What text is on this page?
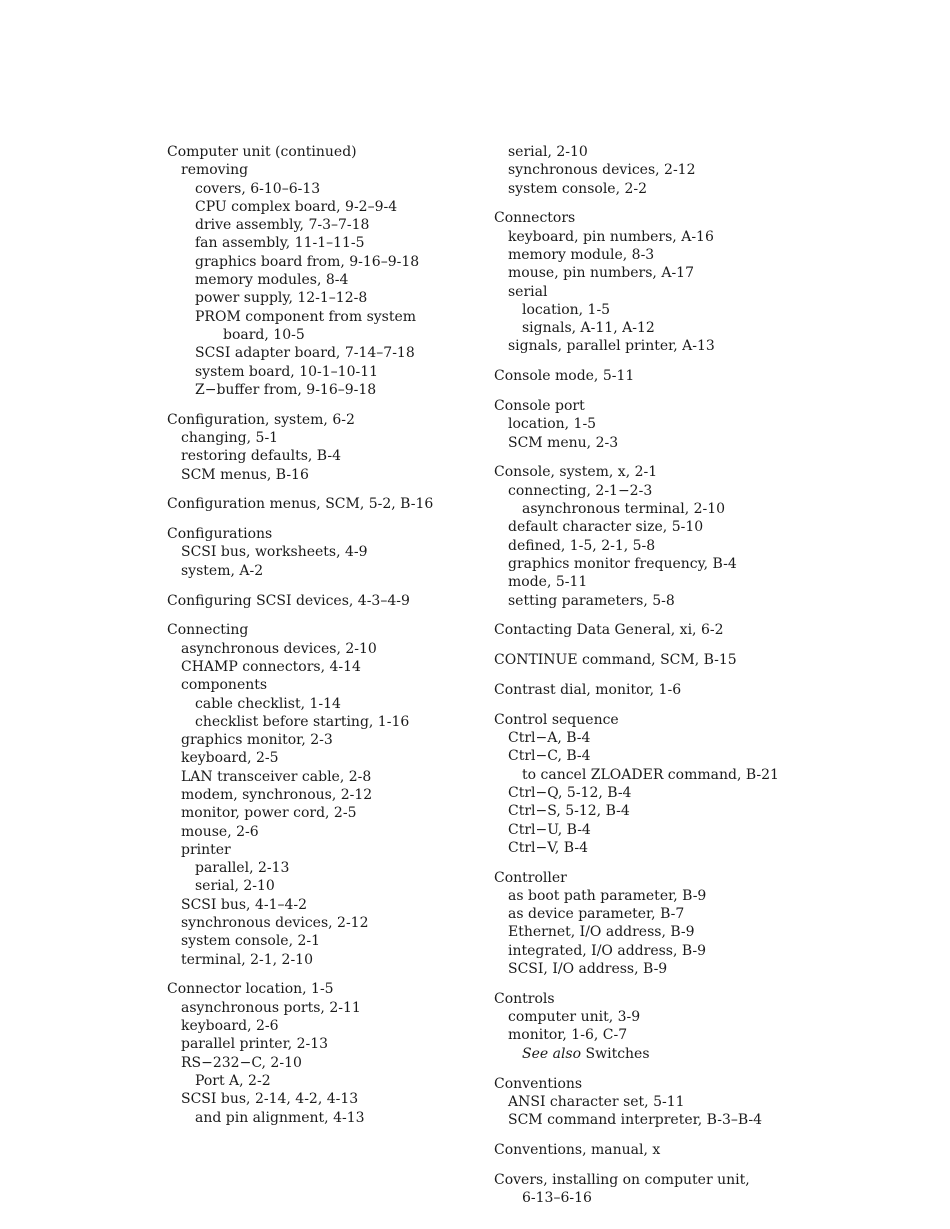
Computer unit (continued)
removing
covers, 6-10–6-13
CPU complex board, 9-2–9-4
drive assembly, 7-3–7-18
fan assembly, 11-1–11-5
graphics board from, 9-16–9-18
memory modules, 8-4
power supply, 12-1–12-8
PROM component from system
board, 10-5
SCSI adapter board, 7-14–7-18
system board, 10-1–10-11
Z−buffer from, 9-16–9-18
Configuration, system, 6-2
changing, 5-1
restoring defaults, B-4
SCM menus, B-16
Configuration menus, SCM, 5-2, B-16
Configurations
SCSI bus, worksheets, 4-9
system, A-2
Configuring SCSI devices, 4-3–4-9
Connecting
asynchronous devices, 2-10
CHAMP connectors, 4-14
components
cable checklist, 1-14
checklist before starting, 1-16
graphics monitor, 2-3
keyboard, 2-5
LAN transceiver cable, 2-8
modem, synchronous, 2-12
monitor, power cord, 2-5
mouse, 2-6
printer
parallel, 2-13
serial, 2-10
SCSI bus, 4-1–4-2
synchronous devices, 2-12
system console, 2-1
terminal, 2-1, 2-10
Connector location, 1-5
asynchronous ports, 2-11
keyboard, 2-6
parallel printer, 2-13
RS−232−C, 2-10
Port A, 2-2
SCSI bus, 2-14, 4-2, 4-13
and pin alignment, 4-13
serial, 2-10
synchronous devices, 2-12
system console, 2-2
Connectors
keyboard, pin numbers, A-16
memory module, 8-3
mouse, pin numbers, A-17
serial
location, 1-5
signals, A-11, A-12
signals, parallel printer, A-13
Console mode, 5-11
Console port
location, 1-5
SCM menu, 2-3
Console, system, x, 2-1
connecting, 2-1−2-3
asynchronous terminal, 2-10
default character size, 5-10
defined, 1-5, 2-1, 5-8
graphics monitor frequency, B-4
mode, 5-11
setting parameters, 5-8
Contacting Data General, xi, 6-2
CONTINUE command, SCM, B-15
Contrast dial, monitor, 1-6
Control sequence
Ctrl−A, B-4
Ctrl−C, B-4
to cancel ZLOADER command, B-21
Ctrl−Q, 5-12, B-4
Ctrl−S, 5-12, B-4
Ctrl−U, B-4
Ctrl−V, B-4
Controller
as boot path parameter, B-9
as device parameter, B-7
Ethernet, I/O address, B-9
integrated, I/O address, B-9
SCSI, I/O address, B-9
Controls
computer unit, 3-9
monitor, 1-6, C-7
See also Switches
Conventions
ANSI character set, 5-11
SCM command interpreter, B-3–B-4
Conventions, manual, x
Covers, installing on computer unit,
6-13–6-16
